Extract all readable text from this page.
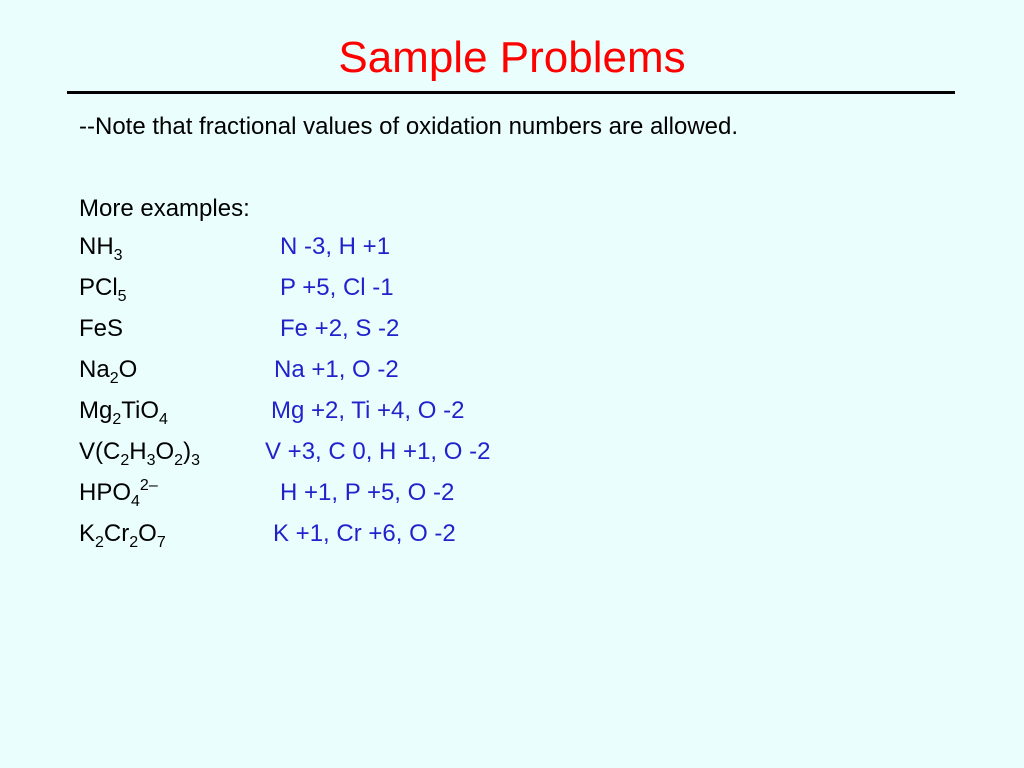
Sample Problems
--Note that fractional values of oxidation numbers are allowed.
More examples:
$NH_3$	N -3, H +1
PCl$_5$	P +5, Cl -1
FeS	Fe +2, S -2
$Na_2O$	Na +1, O -2
$Mg_2TiO_4$	Mg +2, Ti +4, O -2
$V(C_2H_3O_2)_3$	V +3, C 0, H +1, O -2
$HPO_4^{2-}$	H +1, P +5, O -2
$K_2Cr_2O_7$	K +1, Cr +6, O -2
